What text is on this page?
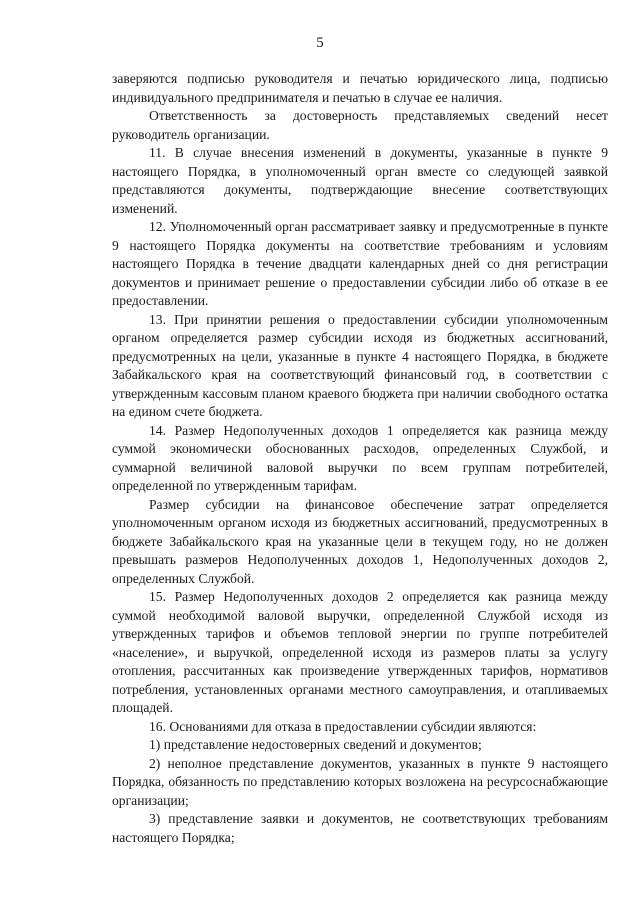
5

заверяются подписью руководителя и печатью юридического лица, подписью индивидуального предпринимателя и печатью в случае ее наличия.

Ответственность за достоверность представляемых сведений несет руководитель организации.

11. В случае внесения изменений в документы, указанные в пункте 9 настоящего Порядка, в уполномоченный орган вместе со следующей заявкой представляются документы, подтверждающие внесение соответствующих изменений.

12. Уполномоченный орган рассматривает заявку и предусмотренные в пункте 9 настоящего Порядка документы на соответствие требованиям и условиям настоящего Порядка в течение двадцати календарных дней со дня регистрации документов и принимает решение о предоставлении субсидии либо об отказе в ее предоставлении.

13. При принятии решения о предоставлении субсидии уполномоченным органом определяется размер субсидии исходя из бюджетных ассигнований, предусмотренных на цели, указанные в пункте 4 настоящего Порядка, в бюджете Забайкальского края на соответствующий финансовый год, в соответствии с утвержденным кассовым планом краевого бюджета при наличии свободного остатка на едином счете бюджета.

14. Размер Недополученных доходов 1 определяется как разница между суммой экономически обоснованных расходов, определенных Службой, и суммарной величиной валовой выручки по всем группам потребителей, определенной по утвержденным тарифам.

Размер субсидии на финансовое обеспечение затрат определяется уполномоченным органом исходя из бюджетных ассигнований, предусмотренных в бюджете Забайкальского края на указанные цели в текущем году, но не должен превышать размеров Недополученных доходов 1, Недополученных доходов 2, определенных Службой.

15. Размер Недополученных доходов 2 определяется как разница между суммой необходимой валовой выручки, определенной Службой исходя из утвержденных тарифов и объемов тепловой энергии по группе потребителей «население», и выручкой, определенной исходя из размеров платы за услугу отопления, рассчитанных как произведение утвержденных тарифов, нормативов потребления, установленных органами местного самоуправления, и отапливаемых площадей.

16. Основаниями для отказа в предоставлении субсидии являются:

1) представление недостоверных сведений и документов;

2) неполное представление документов, указанных в пункте 9 настоящего Порядка, обязанность по представлению которых возложена на ресурсоснабжающие организации;

3) представление заявки и документов, не соответствующих требованиям настоящего Порядка;
